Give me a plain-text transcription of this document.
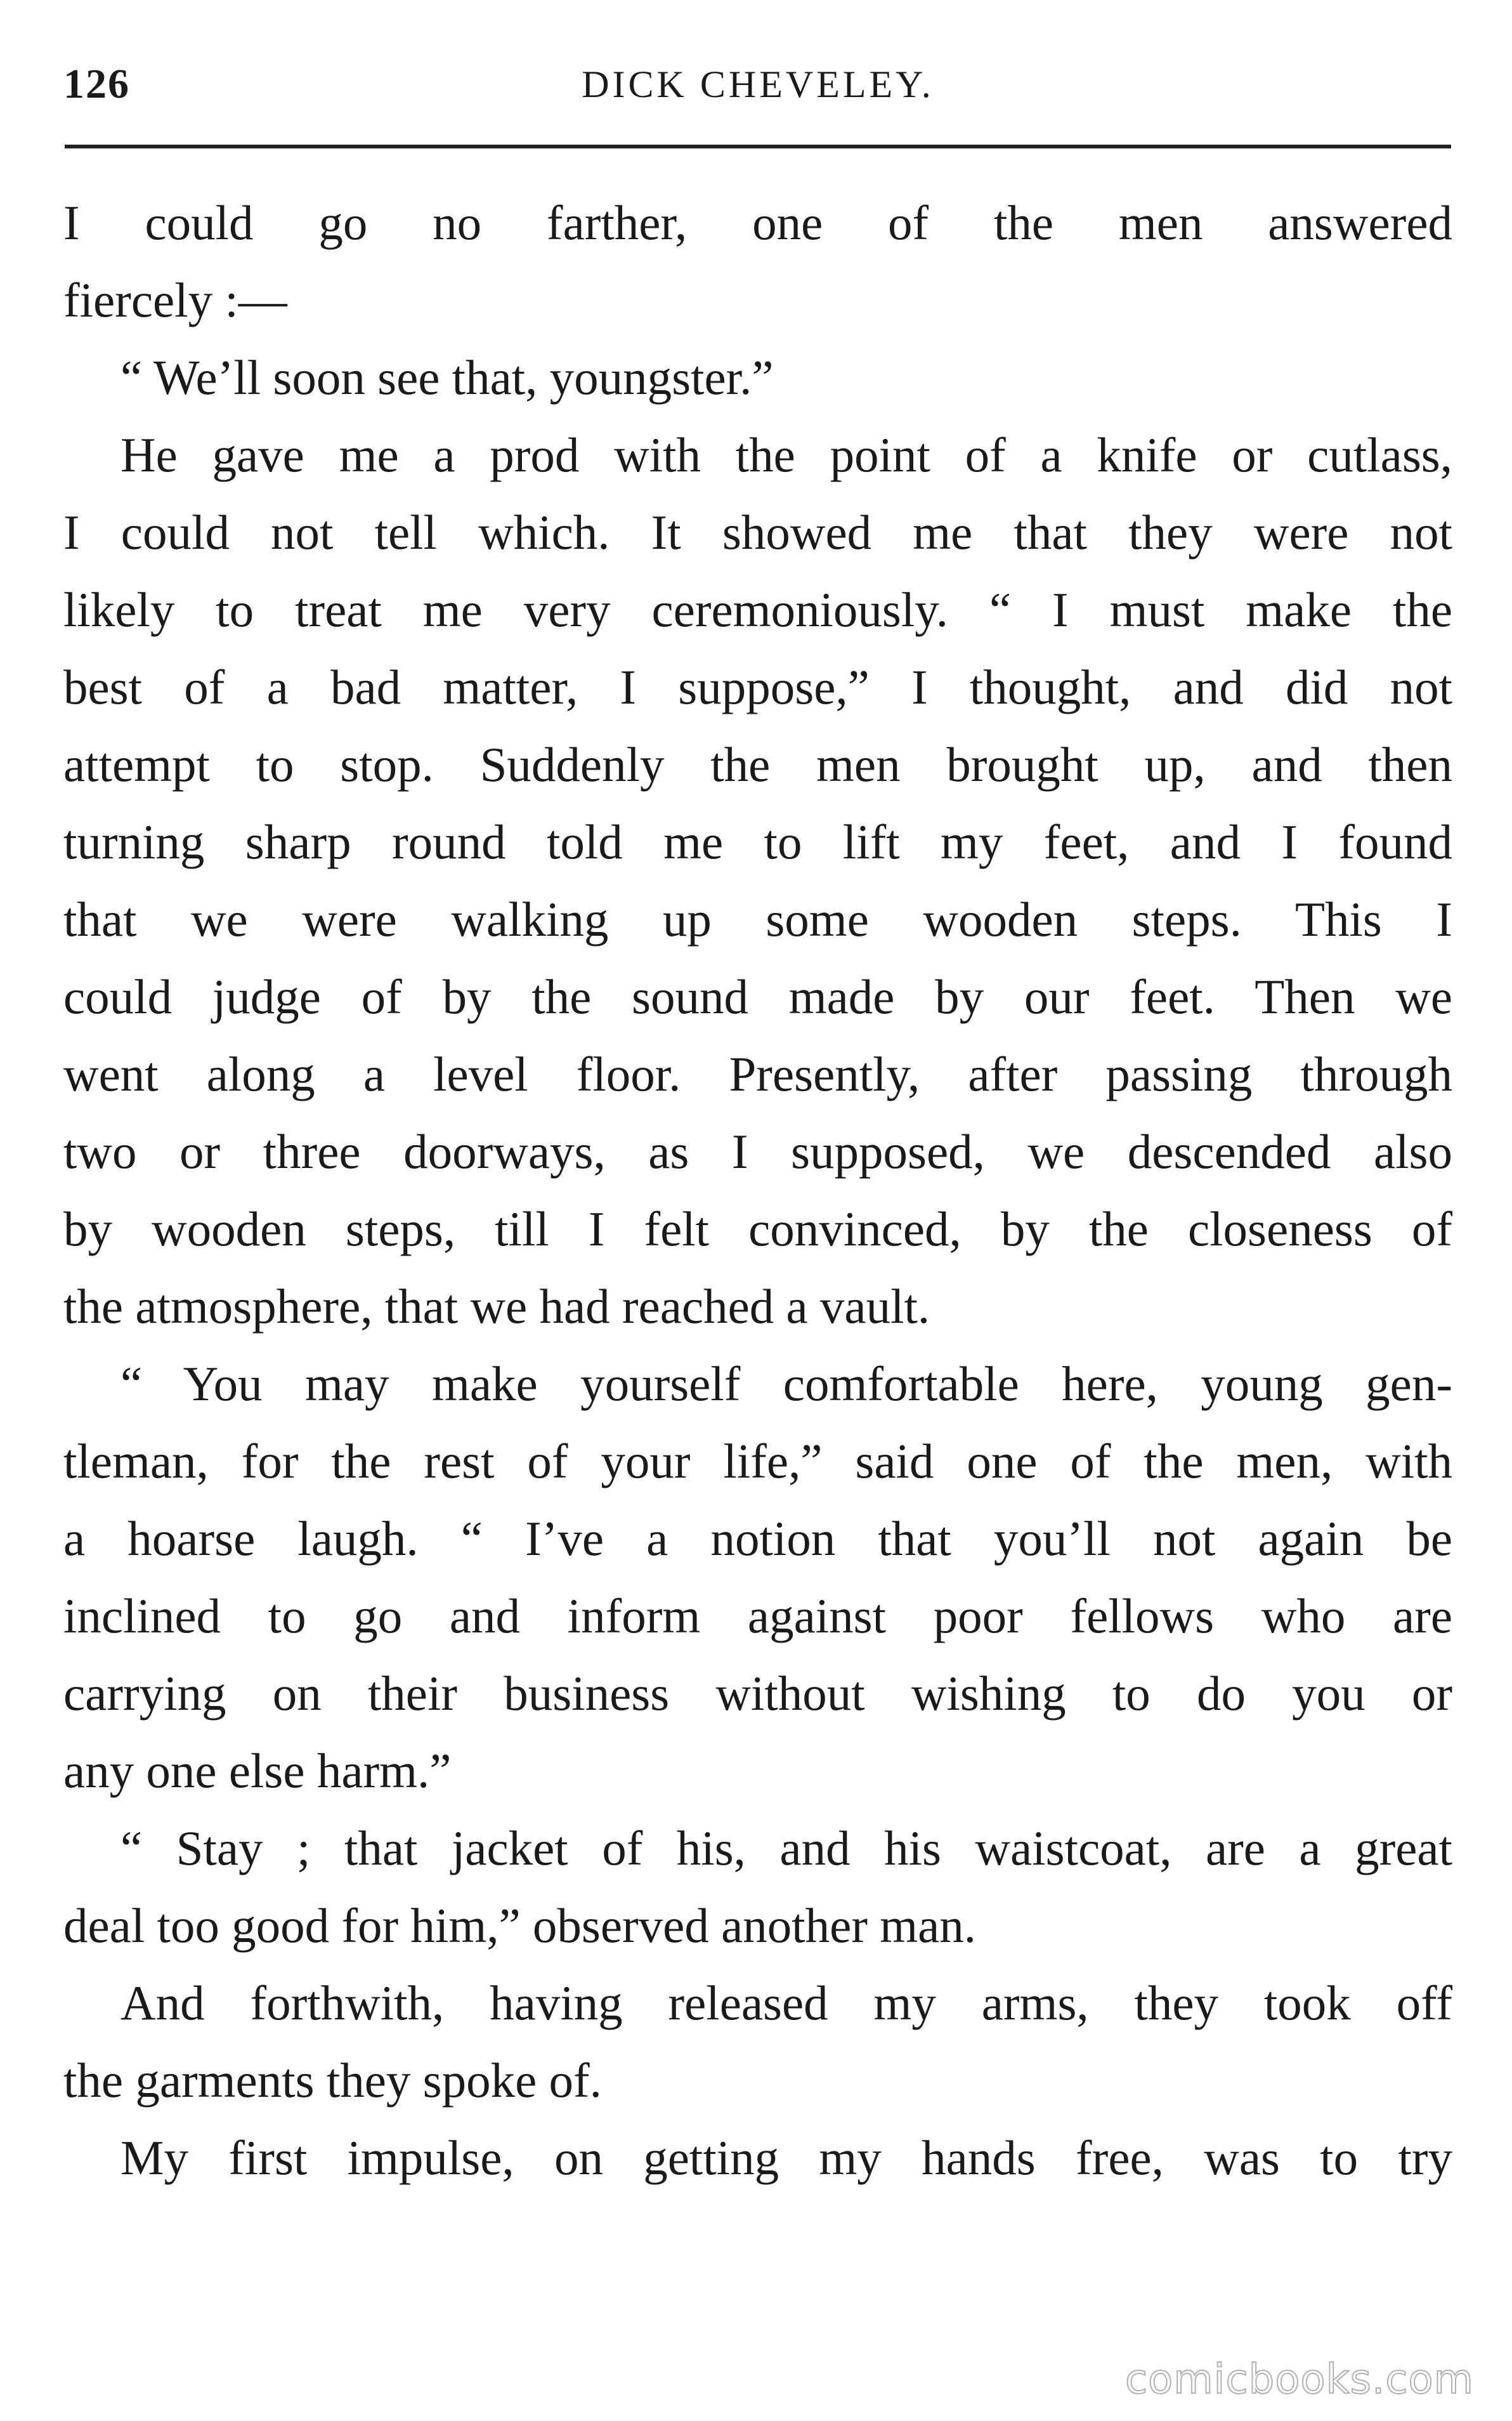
126	DICK CHEVELEY.
I could go no farther, one of the men answered
fiercely :—
“ We’ll soon see that, youngster.”
He gave me a prod with the point of a knife or cutlass,
I could not tell which. It showed me that they were not
likely to treat me very ceremoniously. “ I must make the
best of a bad matter, I suppose,” I thought, and did not
attempt to stop. Suddenly the men brought up, and then
turning sharp round told me to lift my feet, and I found
that we were walking up some wooden steps. This I
could judge of by the sound made by our feet. Then we
went along a level floor. Presently, after passing through
two or three doorways, as I supposed, we descended also
by wooden steps, till I felt convinced, by the closeness of
the atmosphere, that we had reached a vault.
“ You may make yourself comfortable here, young gen-
tleman, for the rest of your life,” said one of the men, with
a hoarse laugh. “ I’ve a notion that you’ll not again be
inclined to go and inform against poor fellows who are
carrying on their business without wishing to do you or
any one else harm.”
“ Stay ; that jacket of his, and his waistcoat, are a great
deal too good for him,” observed another man.
And forthwith, having released my arms, they took off
the garments they spoke of.
My first impulse, on getting my hands free, was to try
comicbooks.com
